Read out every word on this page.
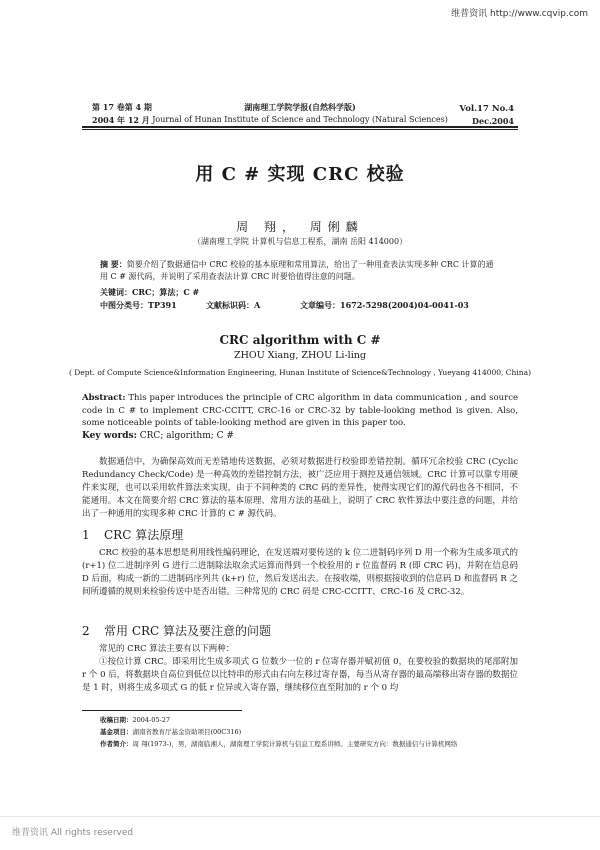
维普资讯 http://www.cqvip.com
第 17 卷第 4 期
2004 年 12 月
湖南理工学院学报(自然科学版)
Journal of Hunan Institute of Science and Technology (Natural Sciences)
Vol.17 No.4
Dec.2004
用 C # 实现 CRC 校验
周 翔， 周俐麟
（湖南理工学院 计算机与信息工程系，湖南 岳阳 414000）
摘 要：简要介绍了数据通信中 CRC 校验的基本原理和常用算法，给出了一种用查表法实现多种 CRC 计算的通用 C # 源代码，并说明了采用查表法计算 CRC 时要恰值得注意的问题。
关键词：CRC；算法；C #
中图分类号：TP391	文献标识码：A	文章编号：1672-5298(2004)04-0041-03
CRC algorithm with C #
ZHOU Xiang, ZHOU Li-ling
( Dept. of Compute Science&Information Engineering, Hunan Institute of Science&Technology , Yueyang 414000, China)
Abstract: This paper introduces the principle of CRC algorithm in data communication , and source code in C # to implement CRC-CCITT, CRC-16 or CRC-32 by table-looking method is given. Also, some noticeable points of table-looking method are given in this paper too.
Key words: CRC; algorithm; C #

数据通信中，为确保高效而无差错地传送数据，必须对数据进行校验即差错控制。循环冗余校验 CRC (Cyclic Redundancy Check/Code) 是一种高效的差错控制方法，被广泛应用于测控及通信领域。CRC 计算可以靠专用硬件来实现，也可以采用软件算法来实现，由于不同种类的 CRC 码的差异性，使得实现它们的源代码也各不相同，不能通用。本文在简要介绍 CRC 算法的基本原理、常用方法的基础上，说明了 CRC 软件算法中要注意的问题，并给出了一种通用的实现多种 CRC 计算的 C # 源代码。

1 CRC 算法原理

CRC 校验的基本思想是利用线性编码理论，在发送端对要传送的 k 位二进制码序列 D 用一个称为生成多项式的 (r+1) 位二进制序列 G 进行二进制除法取余式运算而得到一个校验用的 r 位监督码 R (即 CRC 码)，并附在信息码 D 后面，构成一新的二进制码序列共 (k+r) 位，然后发送出去。在接收端，则根据接收到的信息码 D 和监督码 R 之间所遵循的规则来检验传送中是否出错。三种常见的 CRC 码是 CRC-CCITT、CRC-16 及 CRC-32。

2 常用 CRC 算法及要注意的问题

常见的 CRC 算法主要有以下两种：

①按位计算 CRC。即采用比生成多项式 G 位数少一位的 r 位寄存器并赋初值 0，在要校验的数据块的尾部附加 r 个 0 后，将数据块自高位到低位以比特串的形式由右向左移过寄存器，每当从寄存器的最高端移出寄存器的数据位是 1 时，则将生成多项式 G 的低 r 位异或入寄存器，继续移位直至附加的 r 个 0 均

收稿日期：2004-05-27
基金项目：湖南省教育厅基金资助项目(00C316)
作者简介：周 翔(1973-)，男，湖南临湘人，湖南理工学院计算机与信息工程系讲师。主要研究方向：数据通信与计算机网络
维普资讯 All rights reserved
